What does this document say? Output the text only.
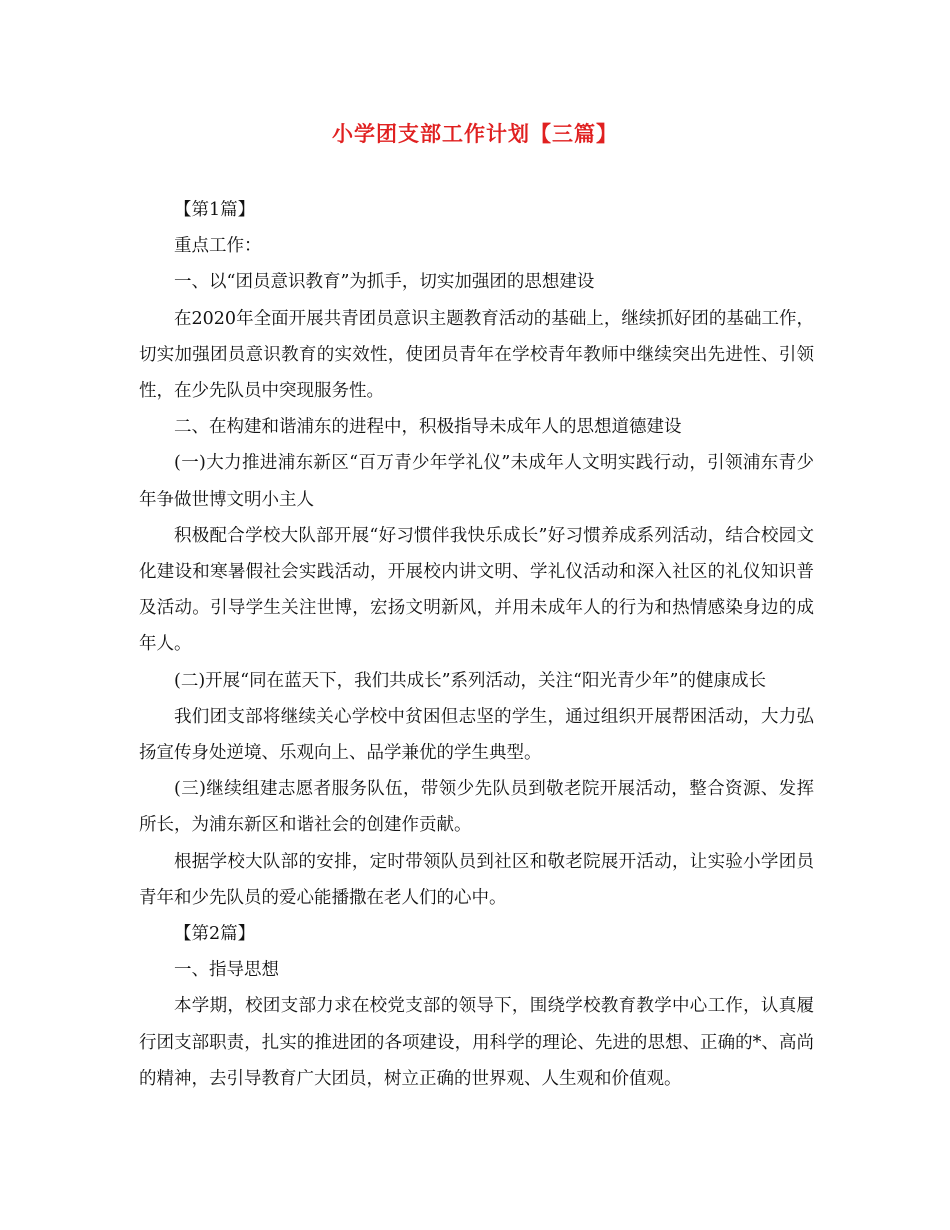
小学团支部工作计划【三篇】

【第1篇】

重点工作：

一、以“团员意识教育”为抓手，切实加强团的思想建设

在2020年全面开展共青团员意识主题教育活动的基础上，继续抓好团的基础工作，切实加强团员意识教育的实效性，使团员青年在学校青年教师中继续突出先进性、引领性，在少先队员中突现服务性。

二、在构建和谐浦东的进程中，积极指导未成年人的思想道德建设

(一)大力推进浦东新区“百万青少年学礼仪”未成年人文明实践行动，引领浦东青少年争做世博文明小主人

积极配合学校大队部开展“好习惯伴我快乐成长”好习惯养成系列活动，结合校园文化建设和寒暑假社会实践活动，开展校内讲文明、学礼仪活动和深入社区的礼仪知识普及活动。引导学生关注世博，宏扬文明新风，并用未成年人的行为和热情感染身边的成年人。

(二)开展“同在蓝天下，我们共成长”系列活动，关注“阳光青少年”的健康成长

我们团支部将继续关心学校中贫困但志坚的学生，通过组织开展帮困活动，大力弘扬宣传身处逆境、乐观向上、品学兼优的学生典型。

(三)继续组建志愿者服务队伍，带领少先队员到敬老院开展活动，整合资源、发挥所长，为浦东新区和谐社会的创建作贡献。

根据学校大队部的安排，定时带领队员到社区和敬老院展开活动，让实验小学团员青年和少先队员的爱心能播撒在老人们的心中。

【第2篇】

一、指导思想

本学期，校团支部力求在校党支部的领导下，围绕学校教育教学中心工作，认真履行团支部职责，扎实的推进团的各项建设，用科学的理论、先进的思想、正确的*、高尚的精神，去引导教育广大团员，树立正确的世界观、人生观和价值观。
